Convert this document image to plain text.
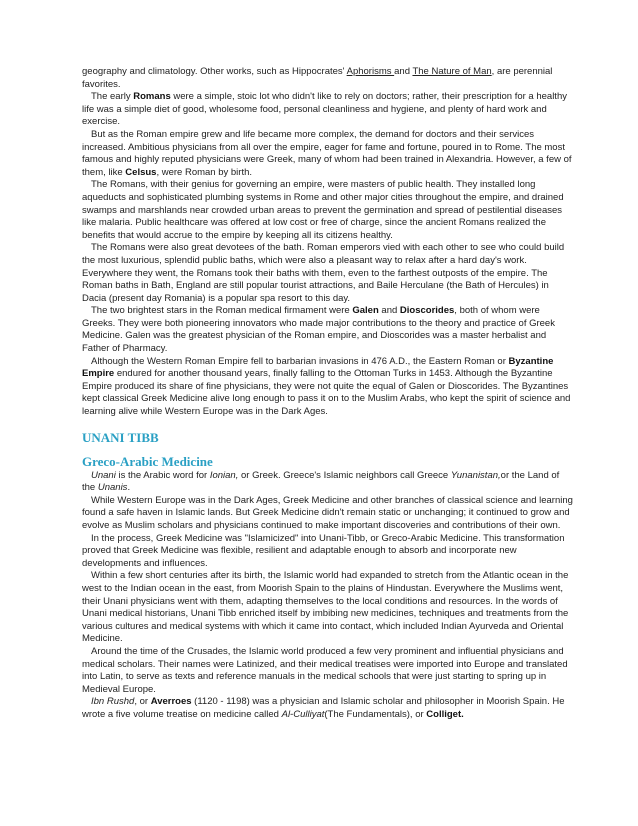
geography and climatology. Other works, such as Hippocrates' Aphorisms and The Nature of Man, are perennial favorites.

The early Romans were a simple, stoic lot who didn't like to rely on doctors; rather, their prescription for a healthy life was a simple diet of good, wholesome food, personal cleanliness and hygiene, and plenty of hard work and exercise.

But as the Roman empire grew and life became more complex, the demand for doctors and their services increased. Ambitious physicians from all over the empire, eager for fame and fortune, poured in to Rome. The most famous and highly reputed physicians were Greek, many of whom had been trained in Alexandria. However, a few of them, like Celsus, were Roman by birth.

The Romans, with their genius for governing an empire, were masters of public health. They installed long aqueducts and sophisticated plumbing systems in Rome and other major cities throughout the empire, and drained swamps and marshlands near crowded urban areas to prevent the germination and spread of pestilential diseases like malaria. Public healthcare was offered at low cost or free of charge, since the ancient Romans realized the benefits that would accrue to the empire by keeping all its citizens healthy.

The Romans were also great devotees of the bath. Roman emperors vied with each other to see who could build the most luxurious, splendid public baths, which were also a pleasant way to relax after a hard day's work. Everywhere they went, the Romans took their baths with them, even to the farthest outposts of the empire. The Roman baths in Bath, England are still popular tourist attractions, and Baile Herculane (the Bath of Hercules) in Dacia (present day Romania) is a popular spa resort to this day.

The two brightest stars in the Roman medical firmament were Galen and Dioscorides, both of whom were Greeks. They were both pioneering innovators who made major contributions to the theory and practice of Greek Medicine. Galen was the greatest physician of the Roman empire, and Dioscorides was a master herbalist and Father of Pharmacy.

Although the Western Roman Empire fell to barbarian invasions in 476 A.D., the Eastern Roman or Byzantine Empire endured for another thousand years, finally falling to the Ottoman Turks in 1453. Although the Byzantine Empire produced its share of fine physicians, they were not quite the equal of Galen or Dioscorides. The Byzantines kept classical Greek Medicine alive long enough to pass it on to the Muslim Arabs, who kept the spirit of science and learning alive while Western Europe was in the Dark Ages.

UNANI TIBB
Greco-Arabic Medicine

Unani is the Arabic word for Ionian, or Greek. Greece's Islamic neighbors call Greece Yunanistan,or the Land of the Unanis.

While Western Europe was in the Dark Ages, Greek Medicine and other branches of classical science and learning found a safe haven in Islamic lands. But Greek Medicine didn't remain static or unchanging; it continued to grow and evolve as Muslim scholars and physicians continued to make important discoveries and contributions of their own.

In the process, Greek Medicine was "Islamicized" into Unani-Tibb, or Greco-Arabic Medicine. This transformation proved that Greek Medicine was flexible, resilient and adaptable enough to absorb and incorporate new developments and influences.

Within a few short centuries after its birth, the Islamic world had expanded to stretch from the Atlantic ocean in the west to the Indian ocean in the east, from Moorish Spain to the plains of Hindustan. Everywhere the Muslims went, their Unani physicians went with them, adapting themselves to the local conditions and resources. In the words of Unani medical historians, Unani Tibb enriched itself by imbibing new medicines, techniques and treatments from the various cultures and medical systems with which it came into contact, which included Indian Ayurveda and Oriental Medicine.

Around the time of the Crusades, the Islamic world produced a few very prominent and influential physicians and medical scholars. Their names were Latinized, and their medical treatises were imported into Europe and translated into Latin, to serve as texts and reference manuals in the medical schools that were just starting to spring up in Medieval Europe.

Ibn Rushd, or Averroes (1120 - 1198) was a physician and Islamic scholar and philosopher in Moorish Spain. He wrote a five volume treatise on medicine called Al-Culliyat(The Fundamentals), or Colliget.
